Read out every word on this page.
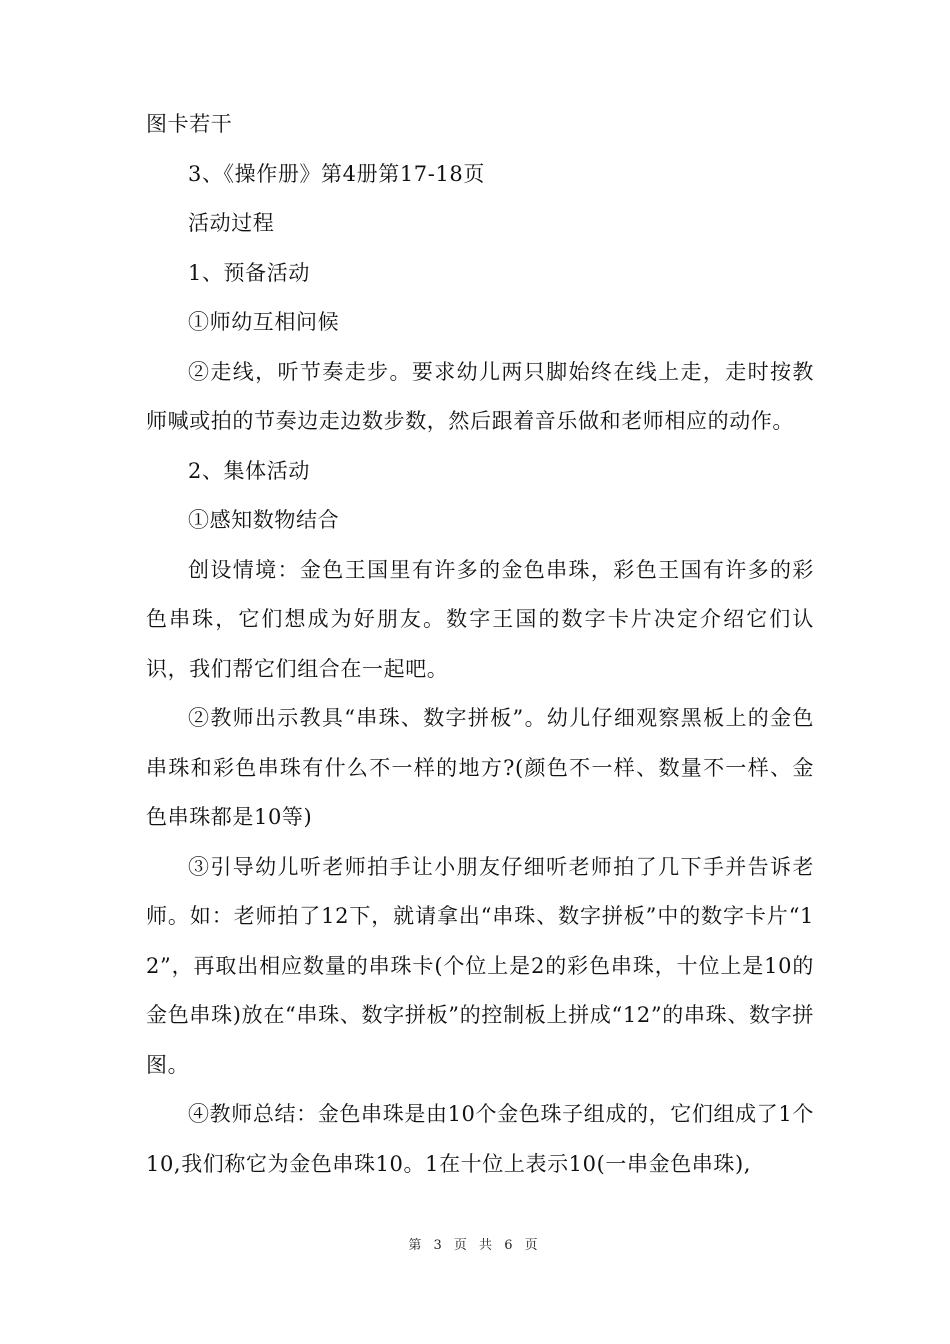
图卡若干

3、《操作册》第4册第17-18页

活动过程

1、预备活动

①师幼互相问候

②走线，听节奏走步。要求幼儿两只脚始终在线上走，走时按教师喊或拍的节奏边走边数步数，然后跟着音乐做和老师相应的动作。

2、集体活动

①感知数物结合

创设情境：金色王国里有许多的金色串珠，彩色王国有许多的彩色串珠，它们想成为好朋友。数字王国的数字卡片决定介绍它们认识，我们帮它们组合在一起吧。

②教师出示教具“串珠、数字拼板”。幼儿仔细观察黑板上的金色串珠和彩色串珠有什么不一样的地方?(颜色不一样、数量不一样、金色串珠都是10等)

③引导幼儿听老师拍手让小朋友仔细听老师拍了几下手并告诉老师。如：老师拍了12下，就请拿出“串珠、数字拼板”中的数字卡片“12”，再取出相应数量的串珠卡(个位上是2的彩色串珠，十位上是10的金色串珠)放在“串珠、数字拼板”的控制板上拼成“12”的串珠、数字拼图。

④教师总结：金色串珠是由10个金色珠子组成的，它们组成了1个10,我们称它为金色串珠10。1在十位上表示10(一串金色串珠),

第 3 页 共 6 页
